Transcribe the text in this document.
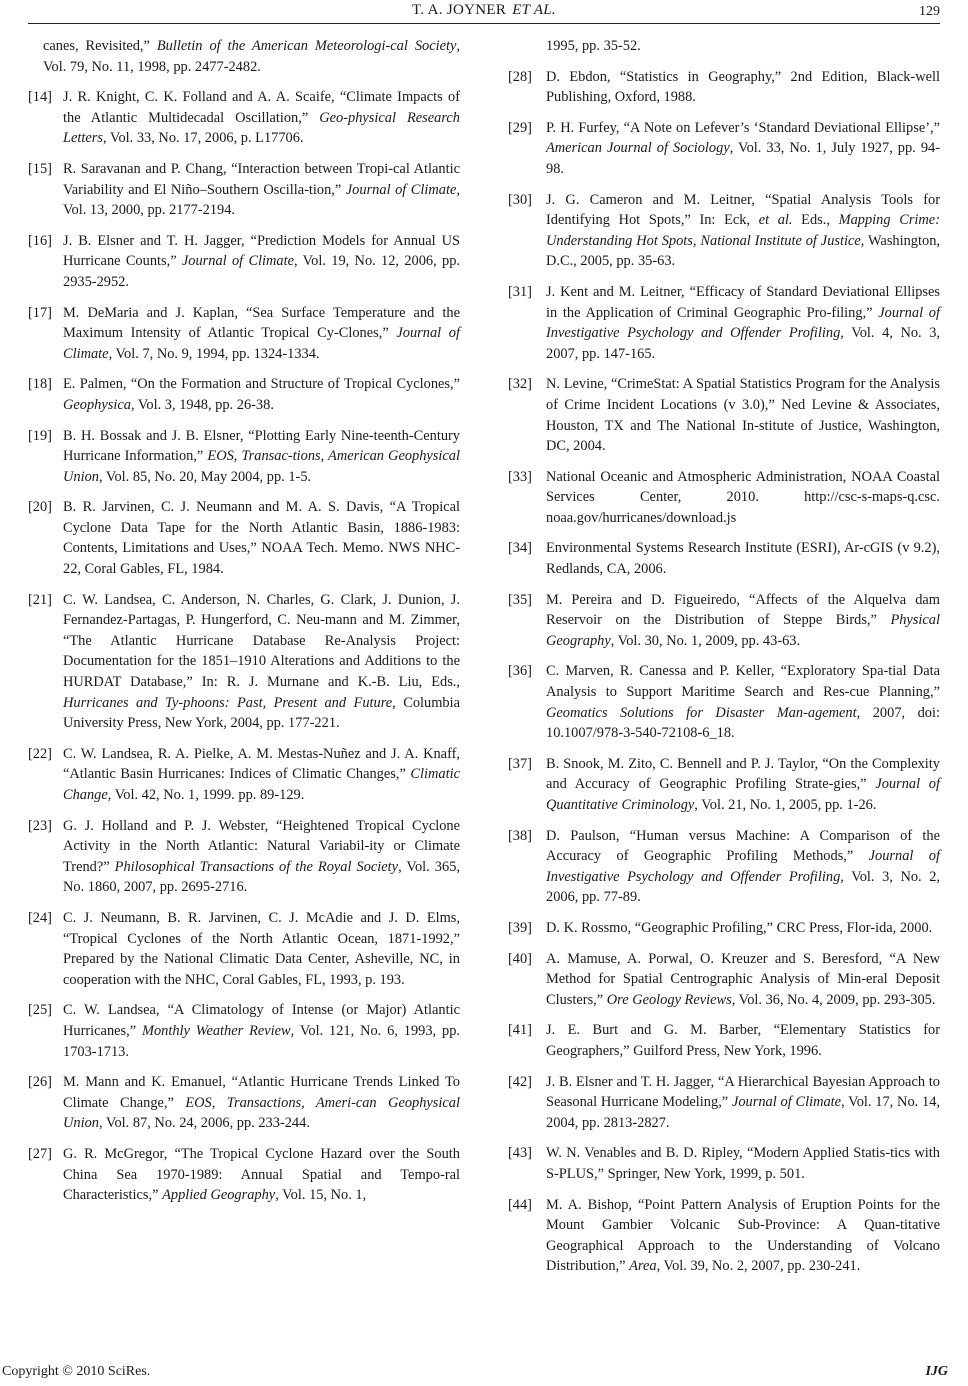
T. A. JOYNER ET AL.	129
canes, Revisited,” Bulletin of the American Meteorologi-cal Society, Vol. 79, No. 11, 1998, pp. 2477-2482.
[14] J. R. Knight, C. K. Folland and A. A. Scaife, “Climate Impacts of the Atlantic Multidecadal Oscillation,” Geo-physical Research Letters, Vol. 33, No. 17, 2006, p. L17706.
[15] R. Saravanan and P. Chang, “Interaction between Tropi-cal Atlantic Variability and El Niño–Southern Oscilla-tion,” Journal of Climate, Vol. 13, 2000, pp. 2177-2194.
[16] J. B. Elsner and T. H. Jagger, “Prediction Models for Annual US Hurricane Counts,” Journal of Climate, Vol. 19, No. 12, 2006, pp. 2935-2952.
[17] M. DeMaria and J. Kaplan, “Sea Surface Temperature and the Maximum Intensity of Atlantic Tropical Cy-Clones,” Journal of Climate, Vol. 7, No. 9, 1994, pp. 1324-1334.
[18] E. Palmen, “On the Formation and Structure of Tropical Cyclones,” Geophysica, Vol. 3, 1948, pp. 26-38.
[19] B. H. Bossak and J. B. Elsner, “Plotting Early Nine-teenth-Century Hurricane Information,” EOS, Transac-tions, American Geophysical Union, Vol. 85, No. 20, May 2004, pp. 1-5.
[20] B. R. Jarvinen, C. J. Neumann and M. A. S. Davis, “A Tropical Cyclone Data Tape for the North Atlantic Basin, 1886-1983: Contents, Limitations and Uses,” NOAA Tech. Memo. NWS NHC-22, Coral Gables, FL, 1984.
[21] C. W. Landsea, C. Anderson, N. Charles, G. Clark, J. Dunion, J. Fernandez-Partagas, P. Hungerford, C. Neu-mann and M. Zimmer, “The Atlantic Hurricane Database Re-Analysis Project: Documentation for the 1851–1910 Alterations and Additions to the HURDAT Database,” In: R. J. Murnane and K.-B. Liu, Eds., Hurricanes and Ty-phoons: Past, Present and Future, Columbia University Press, New York, 2004, pp. 177-221.
[22] C. W. Landsea, R. A. Pielke, A. M. Mestas-Nuñez and J. A. Knaff, “Atlantic Basin Hurricanes: Indices of Climatic Changes,” Climatic Change, Vol. 42, No. 1, 1999. pp. 89-129.
[23] G. J. Holland and P. J. Webster, “Heightened Tropical Cyclone Activity in the North Atlantic: Natural Variabil-ity or Climate Trend?” Philosophical Transactions of the Royal Society, Vol. 365, No. 1860, 2007, pp. 2695-2716.
[24] C. J. Neumann, B. R. Jarvinen, C. J. McAdie and J. D. Elms, “Tropical Cyclones of the North Atlantic Ocean, 1871-1992,” Prepared by the National Climatic Data Center, Asheville, NC, in cooperation with the NHC, Coral Gables, FL, 1993, p. 193.
[25] C. W. Landsea, “A Climatology of Intense (or Major) Atlantic Hurricanes,” Monthly Weather Review, Vol. 121, No. 6, 1993, pp. 1703-1713.
[26] M. Mann and K. Emanuel, “Atlantic Hurricane Trends Linked To Climate Change,” EOS, Transactions, Ameri-can Geophysical Union, Vol. 87, No. 24, 2006, pp. 233-244.
[27] G. R. McGregor, “The Tropical Cyclone Hazard over the South China Sea 1970-1989: Annual Spatial and Tempo-ral Characteristics,” Applied Geography, Vol. 15, No. 1,
1995, pp. 35-52.
[28] D. Ebdon, “Statistics in Geography,” 2nd Edition, Black-well Publishing, Oxford, 1988.
[29] P. H. Furfey, “A Note on Lefever’s ‘Standard Deviational Ellipse’,” American Journal of Sociology, Vol. 33, No. 1, July 1927, pp. 94-98.
[30] J. G. Cameron and M. Leitner, “Spatial Analysis Tools for Identifying Hot Spots,” In: Eck, et al. Eds., Mapping Crime: Understanding Hot Spots, National Institute of Justice, Washington, D.C., 2005, pp. 35-63.
[31] J. Kent and M. Leitner, “Efficacy of Standard Deviational Ellipses in the Application of Criminal Geographic Pro-filing,” Journal of Investigative Psychology and Offender Profiling, Vol. 4, No. 3, 2007, pp. 147-165.
[32] N. Levine, “CrimeStat: A Spatial Statistics Program for the Analysis of Crime Incident Locations (v 3.0),” Ned Levine & Associates, Houston, TX and The National In-stitute of Justice, Washington, DC, 2004.
[33] National Oceanic and Atmospheric Administration, NOAA Coastal Services Center, 2010. http://csc-s-maps-q.csc. noaa.gov/hurricanes/download.js
[34] Environmental Systems Research Institute (ESRI), Ar-cGIS (v 9.2), Redlands, CA, 2006.
[35] M. Pereira and D. Figueiredo, “Affects of the Alquelva dam Reservoir on the Distribution of Steppe Birds,” Physical Geography, Vol. 30, No. 1, 2009, pp. 43-63.
[36] C. Marven, R. Canessa and P. Keller, “Exploratory Spa-tial Data Analysis to Support Maritime Search and Res-cue Planning,” Geomatics Solutions for Disaster Man-agement, 2007, doi: 10.1007/978-3-540-72108-6_18.
[37] B. Snook, M. Zito, C. Bennell and P. J. Taylor, “On the Complexity and Accuracy of Geographic Profiling Strate-gies,” Journal of Quantitative Criminology, Vol. 21, No. 1, 2005, pp. 1-26.
[38] D. Paulson, “Human versus Machine: A Comparison of the Accuracy of Geographic Profiling Methods,” Journal of Investigative Psychology and Offender Profiling, Vol. 3, No. 2, 2006, pp. 77-89.
[39] D. K. Rossmo, “Geographic Profiling,” CRC Press, Flor-ida, 2000.
[40] A. Mamuse, A. Porwal, O. Kreuzer and S. Beresford, “A New Method for Spatial Centrographic Analysis of Min-eral Deposit Clusters,” Ore Geology Reviews, Vol. 36, No. 4, 2009, pp. 293-305.
[41] J. E. Burt and G. M. Barber, “Elementary Statistics for Geographers,” Guilford Press, New York, 1996.
[42] J. B. Elsner and T. H. Jagger, “A Hierarchical Bayesian Approach to Seasonal Hurricane Modeling,” Journal of Climate, Vol. 17, No. 14, 2004, pp. 2813-2827.
[43] W. N. Venables and B. D. Ripley, “Modern Applied Statis-tics with S-PLUS,” Springer, New York, 1999, p. 501.
[44] M. A. Bishop, “Point Pattern Analysis of Eruption Points for the Mount Gambier Volcanic Sub-Province: A Quan-titative Geographical Approach to the Understanding of Volcano Distribution,” Area, Vol. 39, No. 2, 2007, pp. 230-241.
Copyright © 2010 SciRes.	IJG
